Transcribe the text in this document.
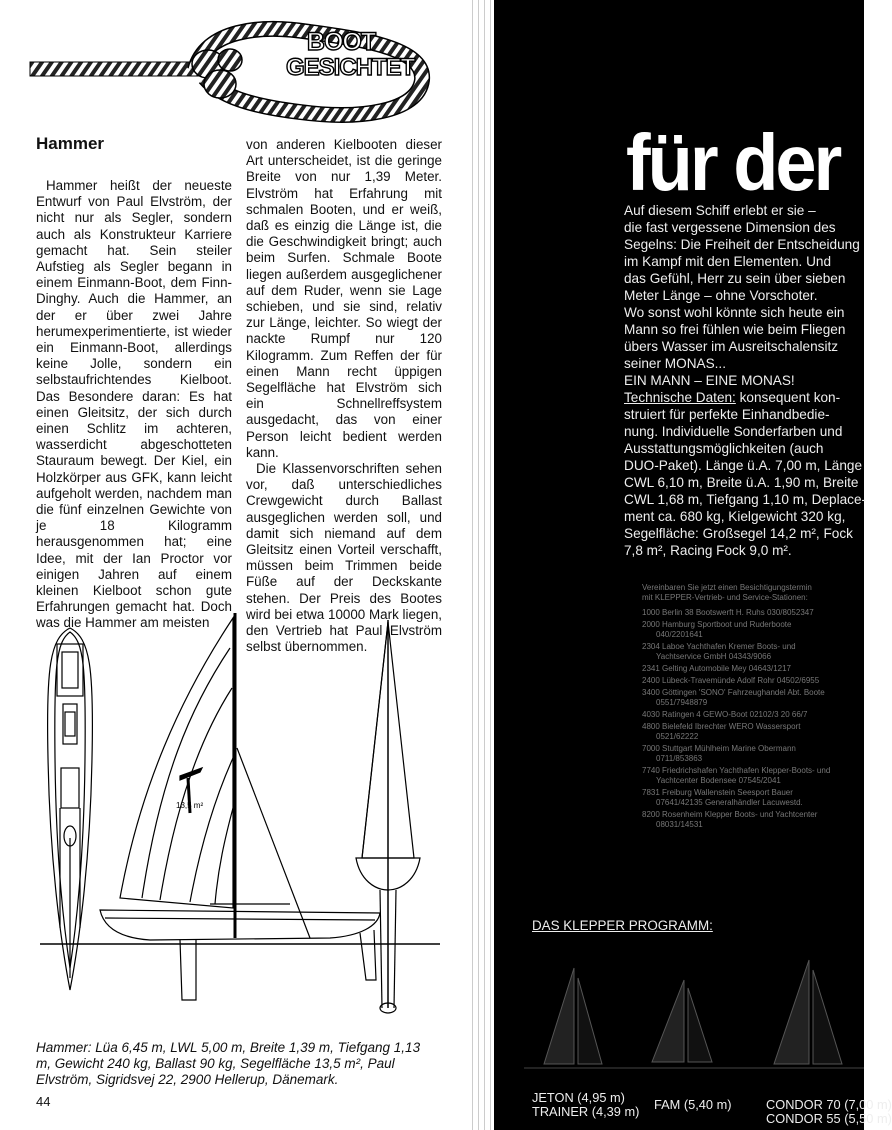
BOOT
GESICHTET
Hammer

Hammer heißt der neueste Entwurf von Paul Elvström, der nicht nur als Segler, sondern auch als Konstrukteur Karriere gemacht hat. Sein steiler Aufstieg als Segler begann in einem Einmann-Boot, dem Finn-Dinghy. Auch die Hammer, an der er über zwei Jahre herumexperimentierte, ist wieder ein Einmann-Boot, allerdings keine Jolle, sondern ein selbstaufrichtendes Kielboot. Das Besondere daran: Es hat einen Gleitsitz, der sich durch einen Schlitz im achteren, wasserdicht abgeschotteten Stauraum bewegt. Der Kiel, ein Holzkörper aus GFK, kann leicht aufgeholt werden, nachdem man die fünf einzelnen Gewichte von je 18 Kilogramm herausgenommen hat; eine Idee, mit der Ian Proctor vor einigen Jahren auf einem kleinen Kielboot schon gute Erfahrungen gemacht hat. Doch was die Hammer am meisten

von anderen Kielbooten dieser Art unterscheidet, ist die geringe Breite von nur 1,39 Meter. Elvström hat Erfahrung mit schmalen Booten, und er weiß, daß es einzig die Länge ist, die die Geschwindigkeit bringt; auch beim Surfen. Schmale Boote liegen außerdem ausgeglichener auf dem Ruder, wenn sie Lage schieben, und sie sind, relativ zur Länge, leichter. So wiegt der nackte Rumpf nur 120 Kilogramm. Zum Reffen der für einen Mann recht üppigen Segelfläche hat Elvström sich ein Schnellreffsystem ausgedacht, das von einer Person leicht bedient werden kann.

Die Klassenvorschriften sehen vor, daß unterschiedliches Crewgewicht durch Ballast ausgeglichen werden soll, und damit sich niemand auf dem Gleitsitz einen Vorteil verschafft, müssen beim Trimmen beide Füße auf der Deckskante stehen. Der Preis des Bootes wird bei etwa 10000 Mark liegen, den Vertrieb hat Paul Elvström selbst übernommen.

13,5 m²
Hammer: Lüa 6,45 m, LWL 5,00 m, Breite 1,39 m, Tiefgang 1,13 m, Gewicht 240 kg, Ballast 90 kg, Segelfläche 13,5 m², Paul Elvström, Sigridsvej 22, 2900 Hellerup, Dänemark.
44
für der

Auf diesem Schiff erlebt er sie –

die fast vergessene Dimension des

Segelns: Die Freiheit der Entscheidung

im Kampf mit den Elementen. Und

das Gefühl, Herr zu sein über sieben

Meter Länge – ohne Vorschoter.

Wo sonst wohl könnte sich heute ein

Mann so frei fühlen wie beim Fliegen

übers Wasser im Ausreitschalensitz

seiner MONAS...

EIN MANN – EINE MONAS!

Technische Daten: konsequent kon-

struiert für perfekte Einhandbedie-

nung. Individuelle Sonderfarben und

Ausstattungsmöglichkeiten (auch

DUO-Paket). Länge ü.A. 7,00 m, Länge

CWL 6,10 m, Breite ü.A. 1,90 m, Breite

CWL 1,68 m, Tiefgang 1,10 m, Deplace-

ment ca. 680 kg, Kielgewicht 320 kg,

Segelfläche: Großsegel 14,2 m², Fock

7,8 m², Racing Fock 9,0 m².

Vereinbaren Sie jetzt einen Besichtigungstermin

mit KLEPPER-Vertrieb- und Service-Stationen:

1000 Berlin 38 Bootswerft H. Ruhs 030/8052347

2000 Hamburg Sportboot und Ruderboote

040/2201641

2304 Laboe Yachthafen Kremer Boots- und

Yachtservice GmbH 04343/9066

2341 Gelting Automobile Mey 04643/1217

2400 Lübeck-Travemünde Adolf Rohr 04502/6955

3400 Göttingen 'SONO' Fahrzeughandel Abt. Boote

0551/7948879

4030 Ratingen 4 GEWO-Boot 02102/3 20 66/7

4800 Bielefeld Ibrechter WERO Wassersport

0521/62222

7000 Stuttgart Mühlheim Marine Obermann

0711/853863

7740 Friedrichshafen Yachthafen Klepper-Boots- und

Yachtcenter Bodensee 07545/2041

7831 Freiburg Wallenstein Seesport Bauer

07641/42135 Generalhändler Lacuwestd.

8200 Rosenheim Klepper Boots- und Yachtcenter

08031/14531

DAS KLEPPER PROGRAMM:
JETON (4,95 m)
TRAINER (4,39 m) FAM (5,40 m)	CONDOR 70 (7,00 m)
CONDOR 55 (5,50 m)
